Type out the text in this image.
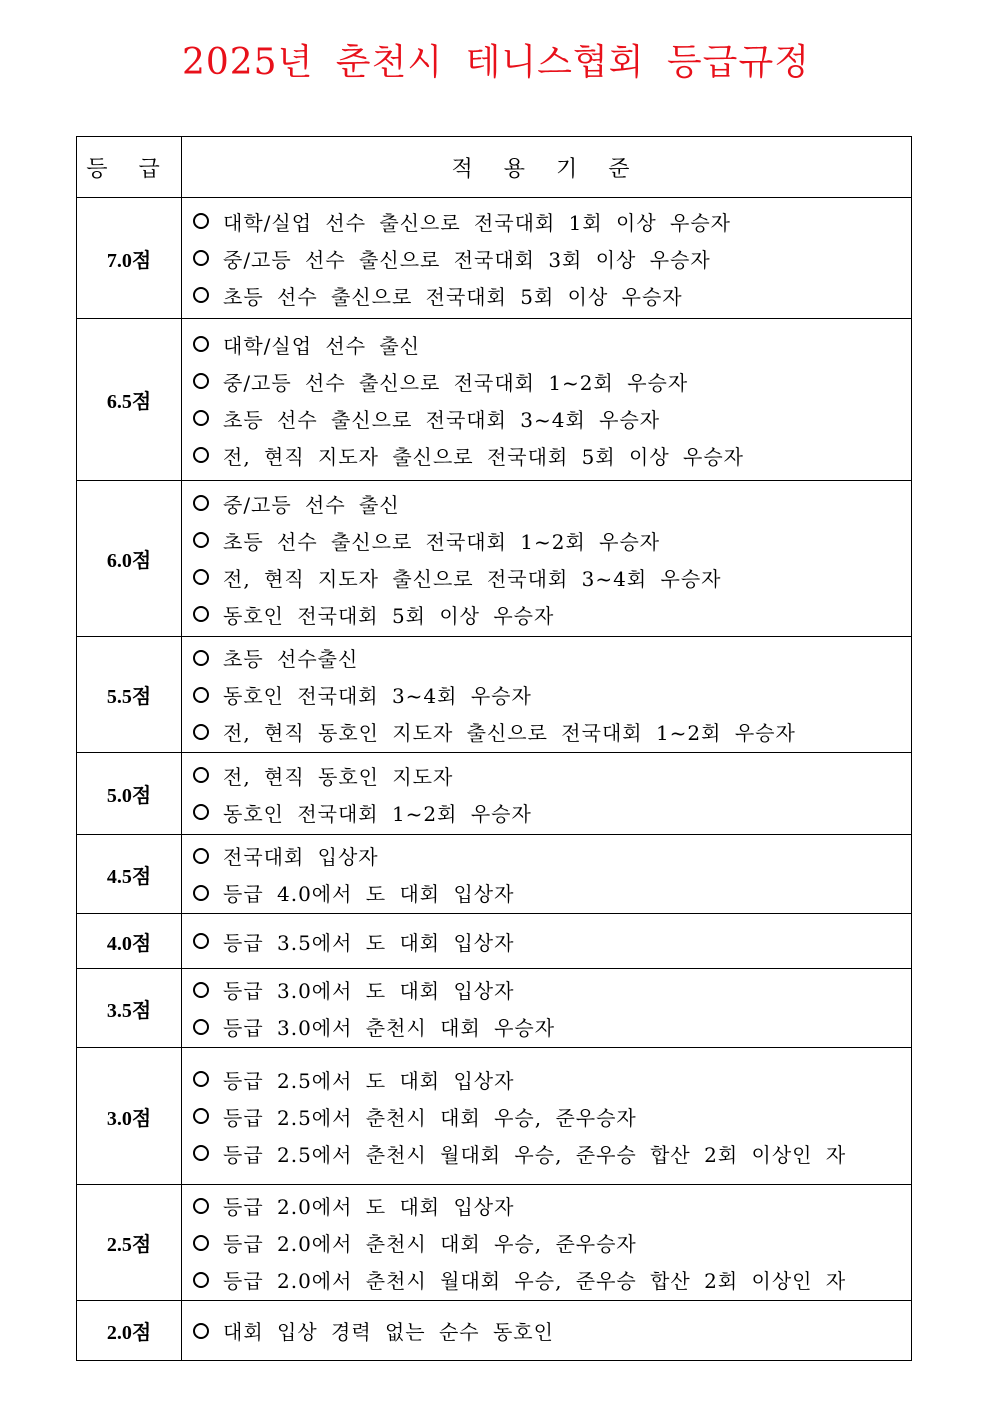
2025년 춘천시 테니스협회 등급규정
등 급	적 용 기 준
7.0점	대학/실업 선수 출신으로 전국대회 1회 이상 우승자
중/고등 선수 출신으로 전국대회 3회 이상 우승자
초등 선수 출신으로 전국대회 5회 이상 우승자

6.5점	대학/실업 선수 출신
중/고등 선수 출신으로 전국대회 1~2회 우승자
초등 선수 출신으로 전국대회 3~4회 우승자
전, 현직 지도자 출신으로 전국대회 5회 이상 우승자

6.0점	중/고등 선수 출신
초등 선수 출신으로 전국대회 1~2회 우승자
전, 현직 지도자 출신으로 전국대회 3~4회 우승자
동호인 전국대회 5회 이상 우승자

5.5점	초등 선수출신
동호인 전국대회 3~4회 우승자
전, 현직 동호인 지도자 출신으로 전국대회 1~2회 우승자

5.0점	전, 현직 동호인 지도자
동호인 전국대회 1~2회 우승자

4.5점	전국대회 입상자
등급 4.0에서 도 대회 입상자

4.0점	등급 3.5에서 도 대회 입상자

3.5점	등급 3.0에서 도 대회 입상자
등급 3.0에서 춘천시 대회 우승자

3.0점	등급 2.5에서 도 대회 입상자
등급 2.5에서 춘천시 대회 우승, 준우승자
등급 2.5에서 춘천시 월대회 우승, 준우승 합산 2회 이상인 자

2.5점	등급 2.0에서 도 대회 입상자
등급 2.0에서 춘천시 대회 우승, 준우승자
등급 2.0에서 춘천시 월대회 우승, 준우승 합산 2회 이상인 자

2.0점	대회 입상 경력 없는 순수 동호인
